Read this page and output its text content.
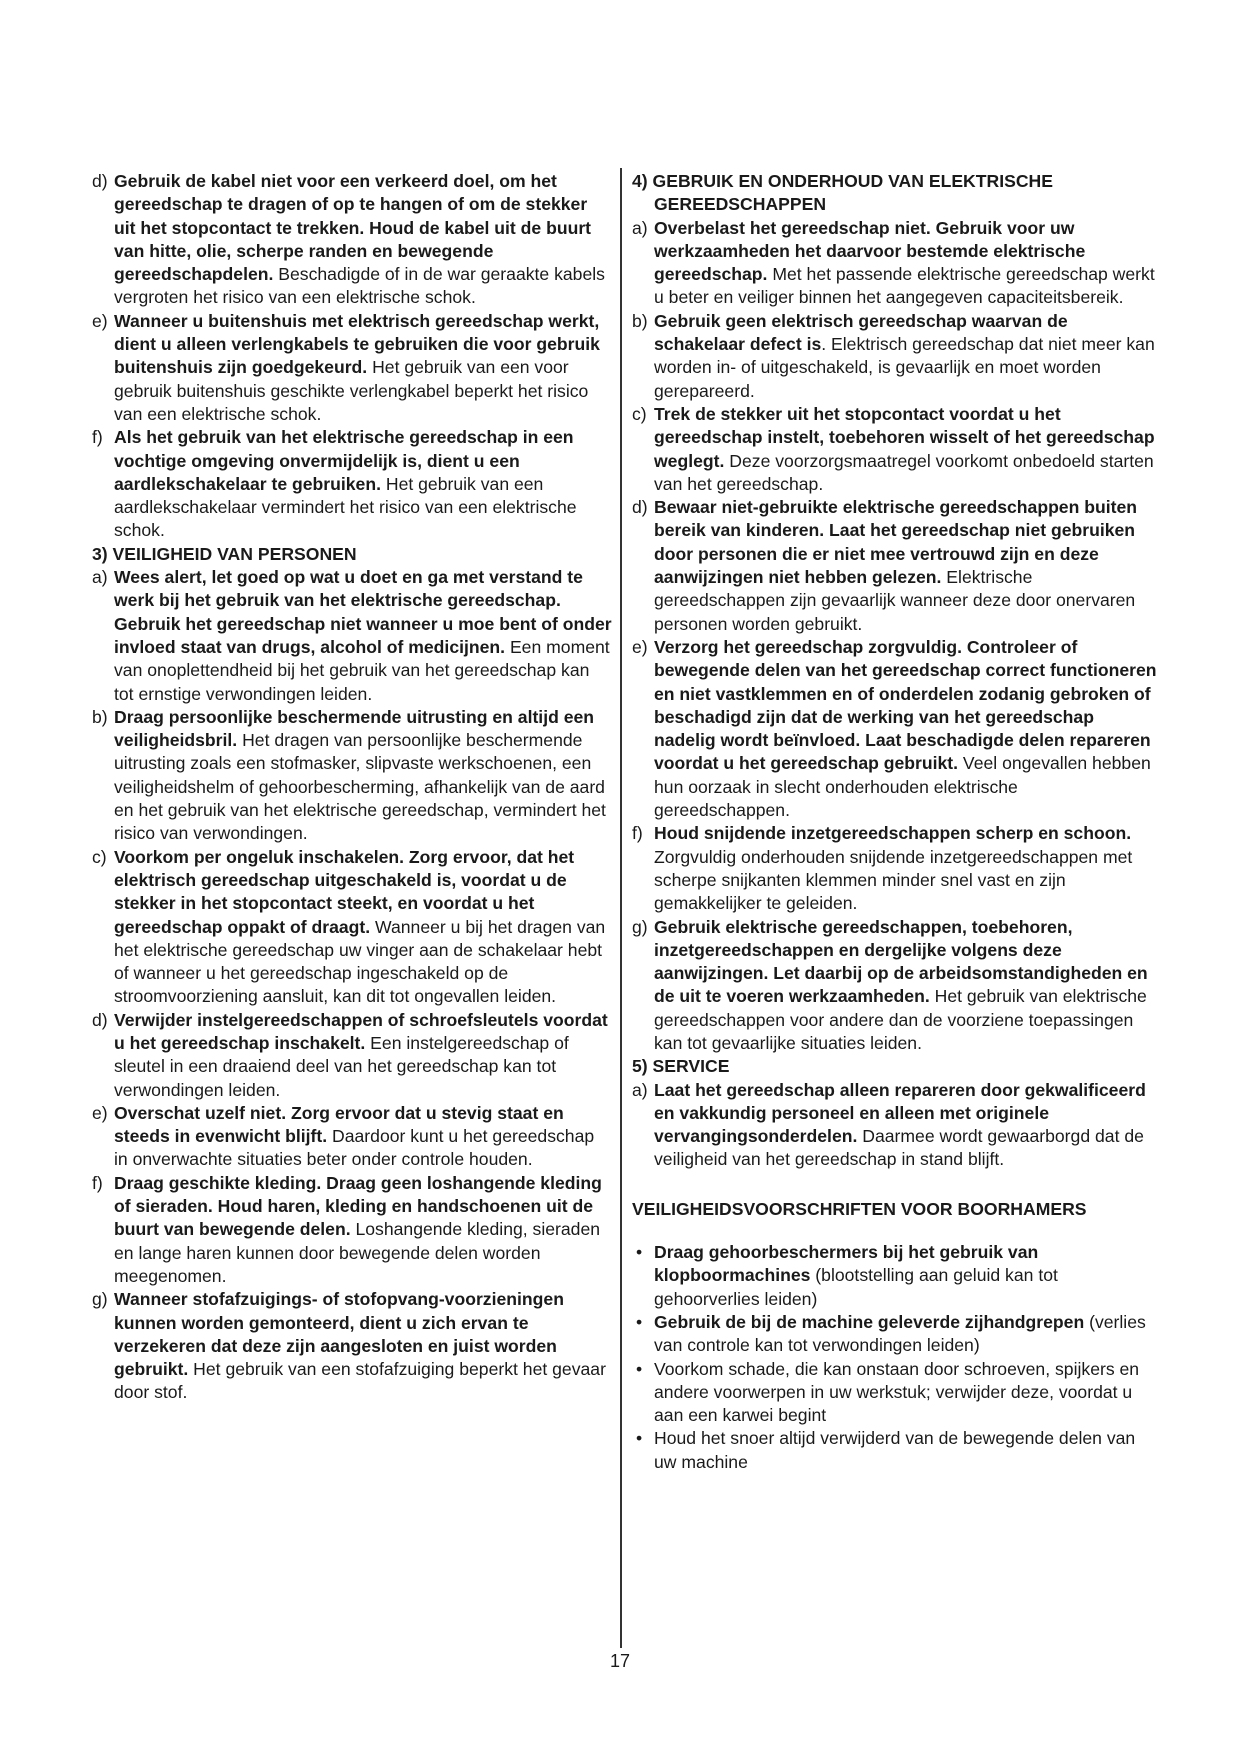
d) Gebruik de kabel niet voor een verkeerd doel, om het gereedschap te dragen of op te hangen of om de stekker uit het stopcontact te trekken. Houd de kabel uit de buurt van hitte, olie, scherpe randen en bewegende gereedschapdelen. Beschadigde of in de war geraakte kabels vergroten het risico van een elektrische schok.
e) Wanneer u buitenshuis met elektrisch gereedschap werkt, dient u alleen verlengkabels te gebruiken die voor gebruik buitenshuis zijn goedgekeurd. Het gebruik van een voor gebruik buitenshuis geschikte verlengkabel beperkt het risico van een elektrische schok.
f) Als het gebruik van het elektrische gereedschap in een vochtige omgeving onvermijdelijk is, dient u een aardlekschakelaar te gebruiken. Het gebruik van een aardlekschakelaar vermindert het risico van een elektrische schok.
3) VEILIGHEID VAN PERSONEN
a) Wees alert, let goed op wat u doet en ga met verstand te werk bij het gebruik van het elektrische gereedschap. Gebruik het gereedschap niet wanneer u moe bent of onder invloed staat van drugs, alcohol of medicijnen. Een moment van onoplettendheid bij het gebruik van het gereedschap kan tot ernstige verwondingen leiden.
b) Draag persoonlijke beschermende uitrusting en altijd een veiligheidsbril. Het dragen van persoonlijke beschermende uitrusting zoals een stofmasker, slipvaste werkschoenen, een veiligheidshelm of gehoorbescherming, afhankelijk van de aard en het gebruik van het elektrische gereedschap, vermindert het risico van verwondingen.
c) Voorkom per ongeluk inschakelen. Zorg ervoor, dat het elektrisch gereedschap uitgeschakeld is, voordat u de stekker in het stopcontact steekt, en voordat u het gereedschap oppakt of draagt. Wanneer u bij het dragen van het elektrische gereedschap uw vinger aan de schakelaar hebt of wanneer u het gereedschap ingeschakeld op de stroomvoorziening aansluit, kan dit tot ongevallen leiden.
d) Verwijder instelgereedschappen of schroefsleutels voordat u het gereedschap inschakelt. Een instelgereedschap of sleutel in een draaiend deel van het gereedschap kan tot verwondingen leiden.
e) Overschat uzelf niet. Zorg ervoor dat u stevig staat en steeds in evenwicht blijft. Daardoor kunt u het gereedschap in onverwachte situaties beter onder controle houden.
f) Draag geschikte kleding. Draag geen loshangende kleding of sieraden. Houd haren, kleding en handschoenen uit de buurt van bewegende delen. Loshangende kleding, sieraden en lange haren kunnen door bewegende delen worden meegenomen.
g) Wanneer stofafzuigings- of stofopvang-voorzieningen kunnen worden gemonteerd, dient u zich ervan te verzekeren dat deze zijn aangesloten en juist worden gebruikt. Het gebruik van een stofafzuiging beperkt het gevaar door stof.
4) GEBRUIK EN ONDERHOUD VAN ELEKTRISCHE
GEREEDSCHAPPEN
a) Overbelast het gereedschap niet. Gebruik voor uw werkzaamheden het daarvoor bestemde elektrische gereedschap. Met het passende elektrische gereedschap werkt u beter en veiliger binnen het aangegeven capaciteitsbereik.
b) Gebruik geen elektrisch gereedschap waarvan de schakelaar defect is. Elektrisch gereedschap dat niet meer kan worden in- of uitgeschakeld, is gevaarlijk en moet worden gerepareerd.
c) Trek de stekker uit het stopcontact voordat u het gereedschap instelt, toebehoren wisselt of het gereedschap weglegt. Deze voorzorgsmaatregel voorkomt onbedoeld starten van het gereedschap.
d) Bewaar niet-gebruikte elektrische gereedschappen buiten bereik van kinderen. Laat het gereedschap niet gebruiken door personen die er niet mee vertrouwd zijn en deze aanwijzingen niet hebben gelezen. Elektrische gereedschappen zijn gevaarlijk wanneer deze door onervaren personen worden gebruikt.
e) Verzorg het gereedschap zorgvuldig. Controleer of bewegende delen van het gereedschap correct functioneren en niet vastklemmen en of onderdelen zodanig gebroken of beschadigd zijn dat de werking van het gereedschap nadelig wordt beïnvloed. Laat beschadigde delen repareren voordat u het gereedschap gebruikt. Veel ongevallen hebben hun oorzaak in slecht onderhouden elektrische gereedschappen.
f) Houd snijdende inzetgereedschappen scherp en schoon. Zorgvuldig onderhouden snijdende inzetgereedschappen met scherpe snijkanten klemmen minder snel vast en zijn gemakkelijker te geleiden.
g) Gebruik elektrische gereedschappen, toebehoren, inzetgereedschappen en dergelijke volgens deze aanwijzingen. Let daarbij op de arbeidsomstandigheden en de uit te voeren werkzaamheden. Het gebruik van elektrische gereedschappen voor andere dan de voorziene toepassingen kan tot gevaarlijke situaties leiden.
5) SERVICE
a) Laat het gereedschap alleen repareren door gekwalificeerd en vakkundig personeel en alleen met originele vervangingsonderdelen. Daarmee wordt gewaarborgd dat de veiligheid van het gereedschap in stand blijft.
VEILIGHEIDSVOORSCHRIFTEN VOOR BOORHAMERS
• Draag gehoorbeschermers bij het gebruik van klopboormachines (blootstelling aan geluid kan tot gehoorverlies leiden)
• Gebruik de bij de machine geleverde zijhandgrepen (verlies van controle kan tot verwondingen leiden)
• Voorkom schade, die kan onstaan door schroeven, spijkers en andere voorwerpen in uw werkstuk; verwijder deze, voordat u aan een karwei begint
• Houd het snoer altijd verwijderd van de bewegende delen van uw machine
17
